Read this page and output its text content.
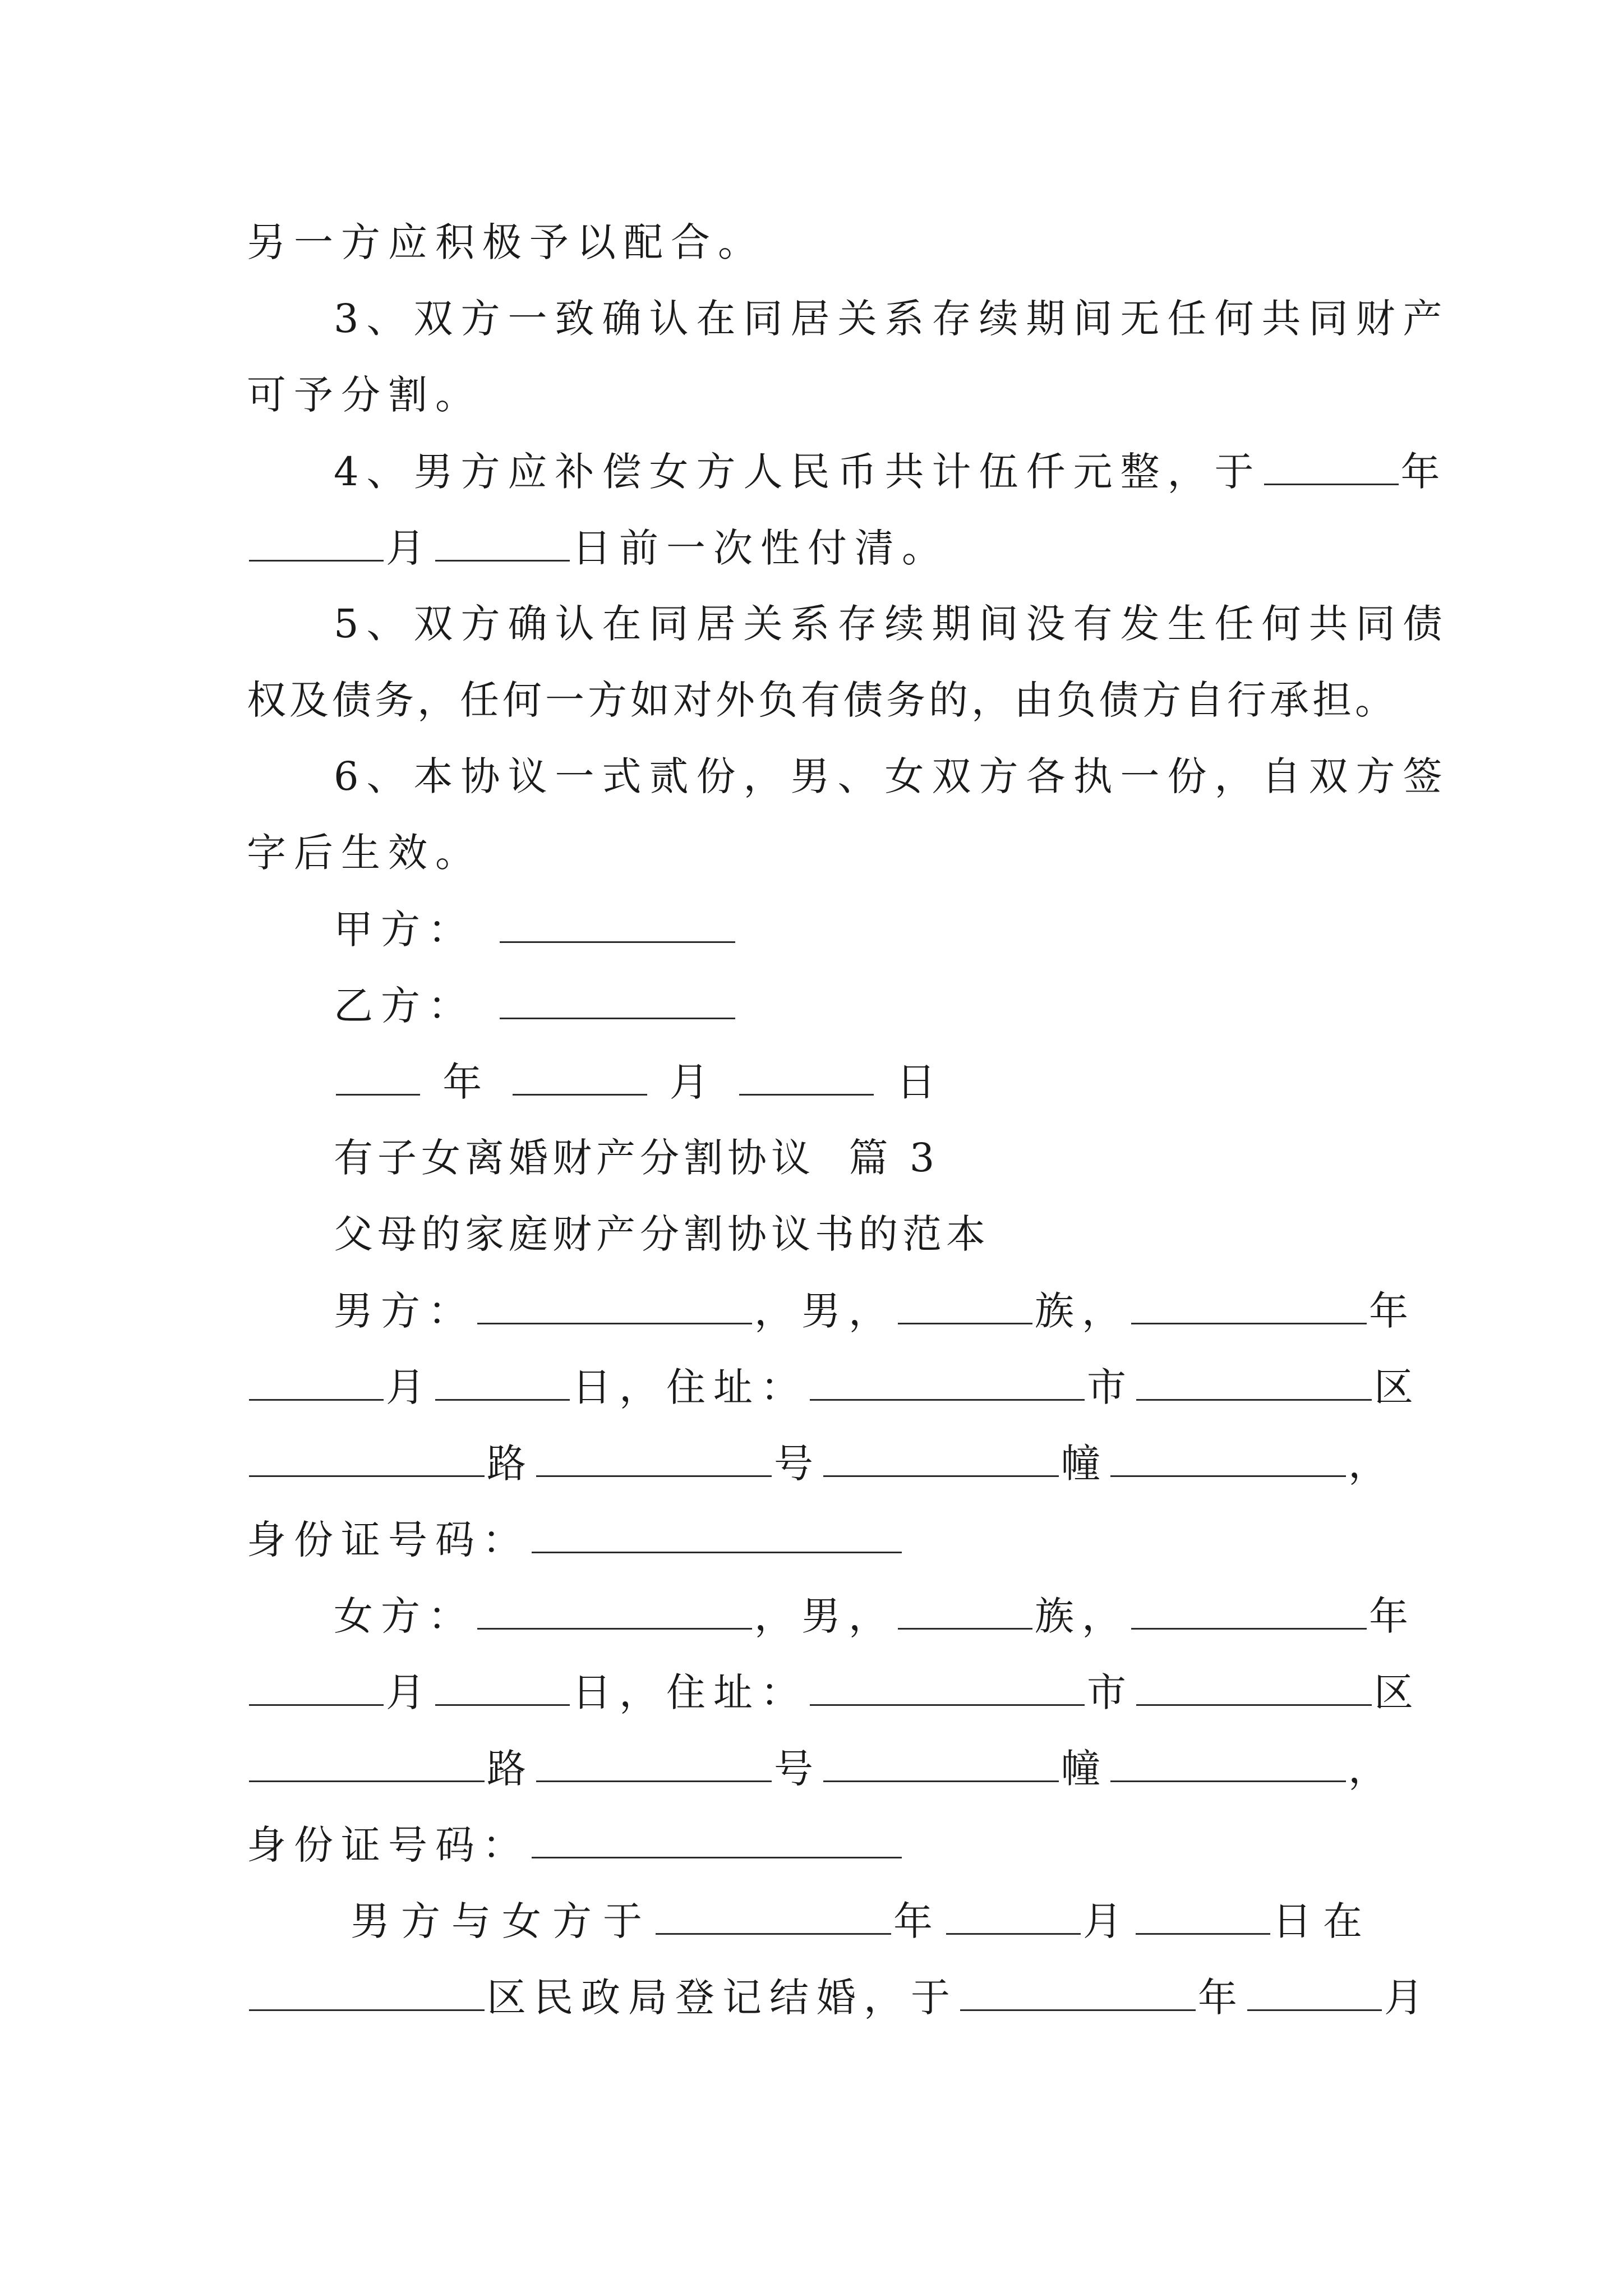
另一方应积极予以配合。
3、双方一致确认在同居关系存续期间无任何共同财产
可予分割。
4、男方应补偿女方人民币共计伍仟元整，于	年
月	日前一次性付清。
5、双方确认在同居关系存续期间没有发生任何共同债
权及债务，任何一方如对外负有债务的，由负债方自行承担。
6、本协议一式贰份，男、女双方各执一份，自双方签
字后生效。
甲方：
乙方：
年	月	日
有子女离婚财产分割协议  篇 3
父母的家庭财产分割协议书的范本
男方：	，男，	族，	年
月	日，住址：	市	区
路	号	幢	，
身份证号码：
女方：	，男，	族，	年
月	日，住址：	市	区
路	号	幢	，
身份证号码：
男方与女方于	年	月	日在
区民政局登记结婚，于	年	月
